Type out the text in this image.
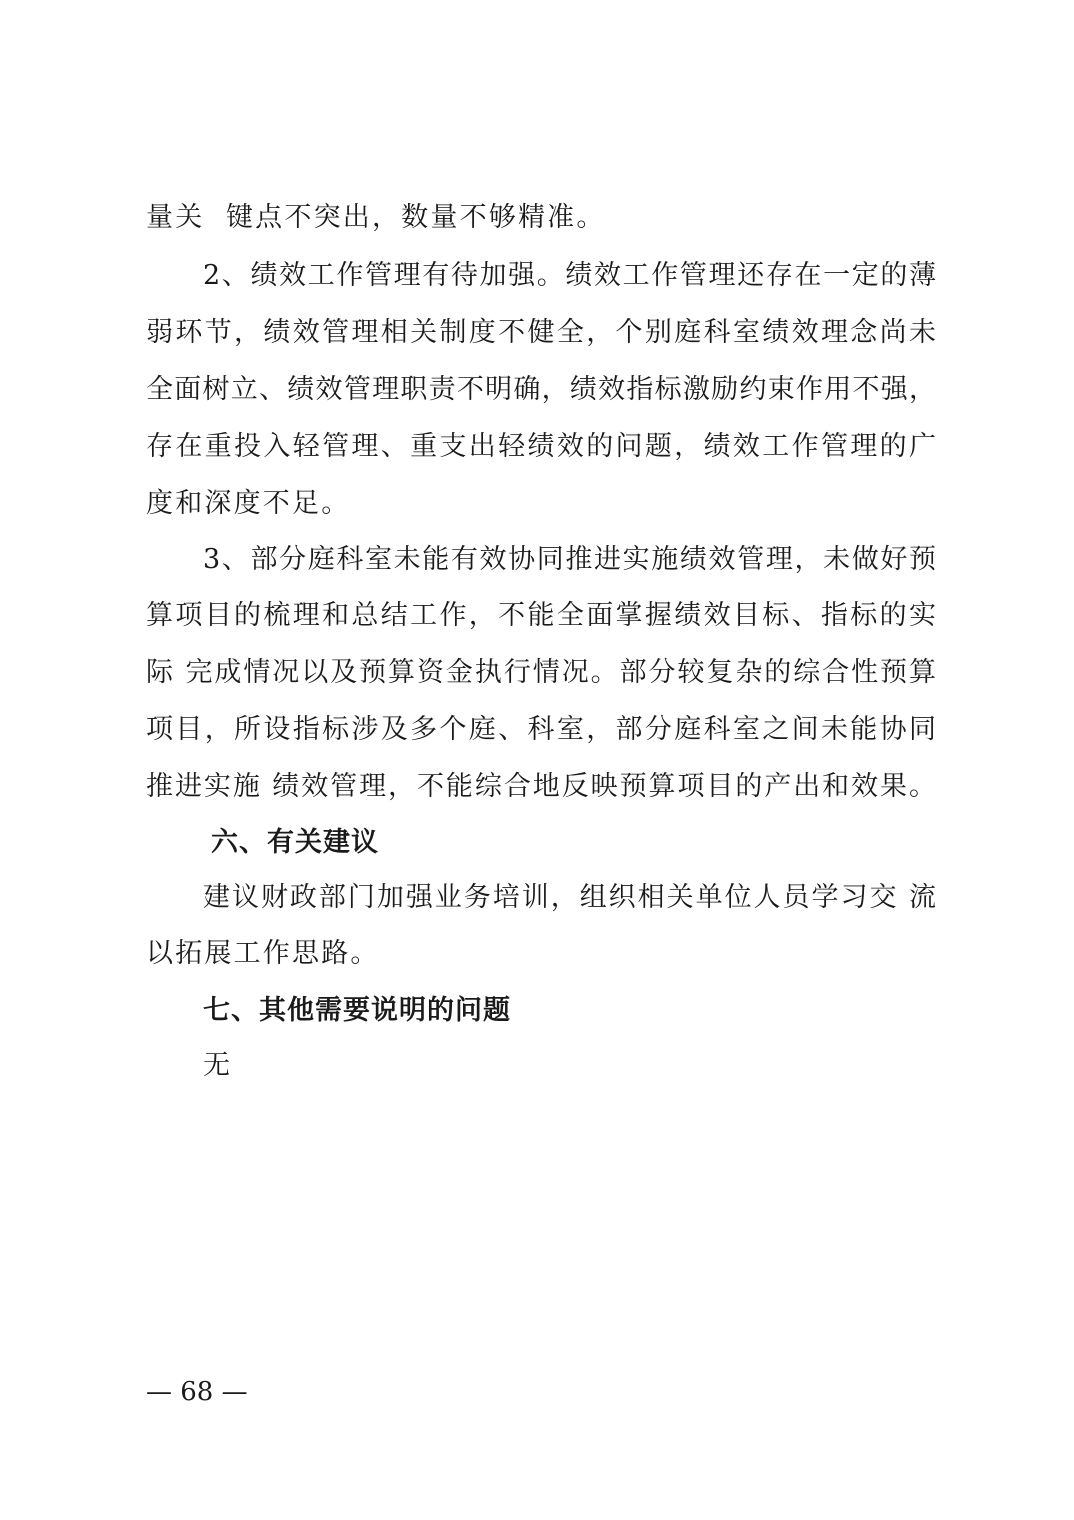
量关  键点不突出，数量不够精准。
2、绩效工作管理有待加强。绩效工作管理还存在一定的薄
弱环节，绩效管理相关制度不健全，个别庭科室绩效理念尚未
全面树立、绩效管理职责不明确，绩效指标激励约束作用不强，
存在重投入轻管理、重支出轻绩效的问题，绩效工作管理的广
度和深度不足。
3、部分庭科室未能有效协同推进实施绩效管理，未做好预
算项目的梳理和总结工作，不能全面掌握绩效目标、指标的实
际 完成情况以及预算资金执行情况。部分较复杂的综合性预算
项目，所设指标涉及多个庭、科室，部分庭科室之间未能协同
推进实施 绩效管理，不能综合地反映预算项目的产出和效果。
六、有关建议
建议财政部门加强业务培训，组织相关单位人员学习交 流
以拓展工作思路。
七、其他需要说明的问题
无
— 68 —
